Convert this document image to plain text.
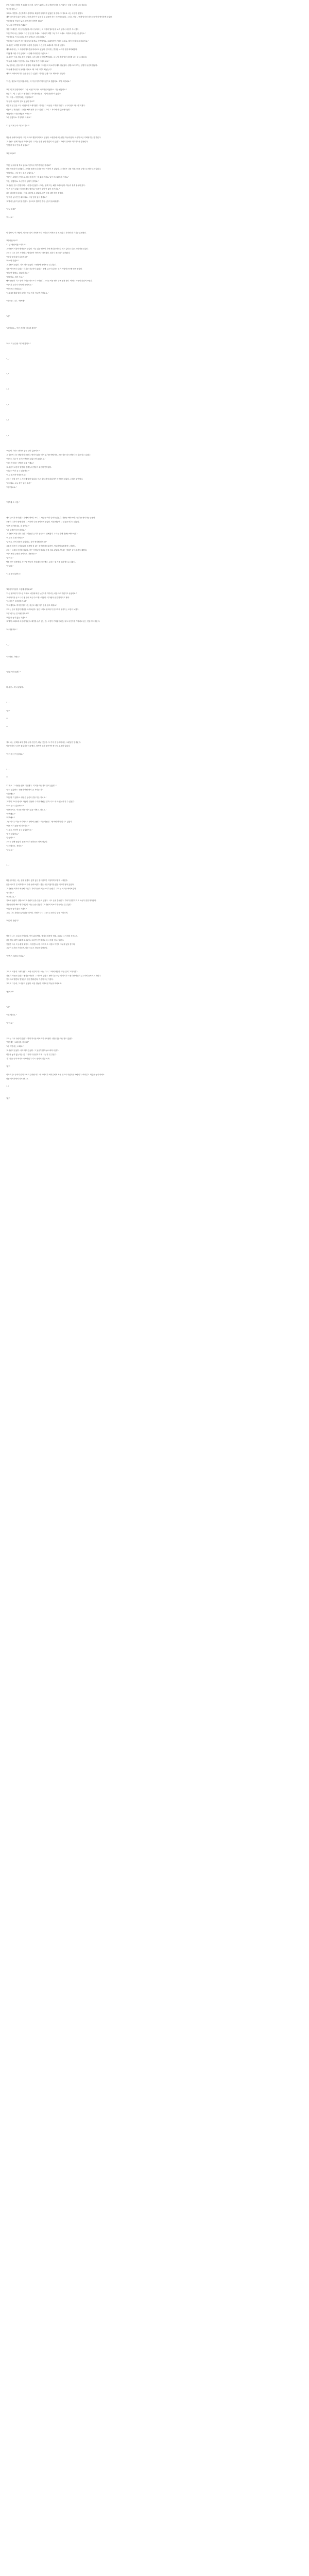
문치기처럼 거센의 목소리를 들으며 시간은 흘렀다. 제 눈꺼풀이 점점 무거워지는 것을 느끼며 눈을 감았다.
"아 이 작품..."
그래도. 이렇다. 순순하게도 생각하니 확실히 나아지지 않았던 것 같다. 그 정도로 나는 마음이 급했다.
계속 나아지지 않은 것이다. 내가 과연 이 일을 할 수 있을까 하는 의문이 들었다. 그리고 정말 나에게 남겨진 것이 무엇인지 생각하게 되었다.
"이 작품을 만들어 놓고 그냥 가면 어떻게 해요?"
"나...나 어떻게 할 건데요?"
정말 그 대답은 더 듣기 싫었다. 다시 돌아서는 그 사람의 뒷모습을 보고 있자니 마음이 무너졌다.
"지금부터 나는 절대로 그런 말 안 할 거예요. 그러니까 제발 그냥 가지 마세요. 이대로 끝나는 건 싫어요."
"저 정말로 이 일 끝내고 싶지 않아요? 그럼 되겠죠."
"이 작업이 끝나면 저는 다시 돌아올게요. 약속할게요. 그때까지만 기다려 주세요. 제가 꼭 다시 올 테니까요."
그 사람은 고개를 끄덕이며 조용히 웃었다. 그 웃음이 오래도록 기억에 남았다.
계속해서 나는 그 사람의 뒷모습을 바라보고 있었다. 멀어지는 발걸음 소리가 점점 희미해졌다.
"어떻게 이럴 수가 있어요? 나한테 이러면 안 되잖아요."
그 사람은 아무 말도 하지 않았다. 그저 나를 바라볼 뿐이었다. 그 눈빛 속에 담긴 의미를 나는 알 수 없었다.
"아무리 그래도 이건 아니에요. 정말로 이건 아니라고요."
그날 밤 나는 잠을 이루지 못했다. 머릿속에서 그 사람의 목소리가 계속 맴돌았다. 창밖으로 보이는 달빛이 유난히 밝았다.
"다음에 만나면 꼭 물어볼 거예요. 왜 그때 그렇게 떠났는지."
새벽이 되어서야 겨우 눈을 붙일 수 있었다. 하지만 금방 다시 깨어나고 말았다.
"그건, 정말로 이번 작품에서는 더 이상 이야기하지 않기로 했잖아요. 제발 그만해요."
"왜 그렇게 말씀하세요? 그럼 처음부터 다시 시작하면 되잖아요. 저는 괜찮아요."
충분히 그럴 수 있다고 생각했다. 하지만 현실은 그렇게 간단하지 않았다.
"아, 사람... 이렇게 되는 거였어요?"
"당신이 처음부터 알고 있었던 거죠?"
이렇게 된 것은 모두 내 탓이라고 생각했다. 하지만 그 사람은 고개를 저었다. 누구의 탓도 아니라고 했다.
마음이 무거워졌다. 무엇을 해야 할지 알 수 없었다. 그저 그 자리에 서 있을 뿐이었다.
"괜찮아요? 정말 괜찮은 거예요?"
"네, 괜찮아요. 걱정하지 마세요."
"그럼 이제 우리 어디로 가요?"
하늘을 올려다보았다. 구름 사이로 햇살이 비치고 있었다. 오랜만에 보는 맑은 하늘이었다. 마음이 조금 가벼워지는 것 같았다.
그 사람도 함께 하늘을 바라보았다. 우리는 한참 동안 말없이 서 있었다. 바람이 불어와 머리카락을 흩날렸다.
"언젠가 다시 만날 수 있겠죠?"
"왜 그래요?"
"이런 곳에서 뭐 하고 있어요? 혼자서 여기까지 온 거예요?"
낯선 목소리가 들려왔다. 고개를 돌려보니 처음 보는 사람이 서 있었다. 그 사람은 나를 걱정스러운 눈빛으로 바라보고 있었다.
"괜찮아요. 그냥 잠시 쉬고 있었어요."
"여기는 위험한 곳이에요. 어서 돌아가는 게 좋을 거예요. 날이 어두워지기 전에요."
"저는 괜찮아요. 조금만 더 있다가 갈게요."
그 사람은 잠시 망설이더니 내 옆에 앉았다. 우리는 함께 지는 해를 바라보았다. 하늘이 붉게 물들어 갔다.
"무슨 일이 있었는지 물어봐도 될까요? 표정이 많이 안 좋아 보여서요."
나는 대답하지 않았다. 아니, 대답할 수 없었다. 무슨 말을 해야 할지 몰랐다.
"말하기 싫으면 안 해도 돼요. 그냥 옆에 있어 줄게요."
그 말에 눈물이 날 것 같았다. 참으려고 했지만 결국 눈물이 흘러내렸다.
"바보 같죠?"
"아니요."
이 성당이, 이 사람이, 이 모든 것이 나에게 어떤 의미인지 아직은 잘 모르겠다. 하지만 한 가지는 분명했다.
"왜 나였어요?"
"그냥. 당신이었으니까요."
그 대답이 이상하게 마음에 남았다. 이유 없는 선택이 가장 확실한 선택일 때도 있다는 것을 그때 처음 알았다.
우리는 다시 걷기 시작했다. 발걸음이 아까보다 가벼웠다. 멀리서 종소리가 들려왔다.
"이 길 끝에 뭐가 있을까요?"
"가보면 알겠죠."
그 사람이 웃었다. 나도 따라 웃었다. 오랜만에 웃어보는 것 같았다.
길은 생각보다 길었다. 하지만 지루하지 않았다. 옆에 누군가 있다는 것이 이렇게 든든할 줄은 몰랐다.
"힘들면 말해요. 쉬었다 가요."
"괜찮아요. 계속 가요."
해가 완전히 지고 별이 하나둘 떠오르기 시작했다. 우리는 작은 언덕 위에 멈춰 섰다. 아래로 마을의 불빛이 보였다.
"저기가 우리가 가야 할 곳이에요."
"생각보다 가깝네요."
"그렇죠? 원래 멀어 보이는 것도 막상 가보면 가까워요."
"이 모습 그냥... 예쁘네."
"네."
"너 이래도... 이런 순간을 기다려 왔어?"
"나도 이 순간을 기다려 왔어요."
"..."
".."
".."
".."
".."
".."
"시간이 지나도 변하지 않는 것이 있을까요?"
그 질문에 나는 대답하지 못했다. 변하지 않는 것이 있기를 바랐지만, 모든 것은 결국 변한다는 것을 알고 있었다.
"적어도 지금 이 순간은 변하지 않았으면 좋겠어요."
"기억 속에서는 변하지 않을 거예요."
그 사람이 조용히 말했다. 밤하늘의 별들이 유난히 반짝였다.
"내일도 여기 올 수 있을까요?"
"오고 싶으면 언제든지요."
우리는 한참 동안 그 자리에 앉아 있었다. 아무 말도 하지 않았지만 어색하지 않았다. 오히려 편안했다.
"고마워요. 오늘 같이 있어 줘서."
"저야말로요."
"새벽에 그 사람."
새벽 공기가 차가웠다. 잠에서 깨어나 보니 그 사람은 이미 일어나 있었다. 창밖을 바라보며 무언가를 생각하는 듯했다.
조용히 다가가 옆에 섰다. 그 사람이 나를 돌아보며 웃었다. 아침 햇살이 그 얼굴을 비추고 있었다.
"일찍 일어났네요. 잘 잤어요?"
"네. 오랜만에 푹 잤어요."
그 사람이 차를 건네주었다. 따뜻한 온기가 손끝으로 전해졌다. 우리는 함께 창밖을 바라보았다.
"오늘은 뭐 할 거예요?"
"글쎄요. 아직 정하지 않았어요. 같이 생각해 볼까요?"
그렇게 하루가 시작되었다. 특별할 것 없는 평범한 하루였지만, 이상하게 특별하게 느껴졌다.
우리는 마을을 천천히 걸었다. 작은 가게들이 하나둘 문을 열고 있었다. 빵 굽는 냄새가 골목을 가득 채웠다.
"저기 빵집 유명한 곳이에요. 가볼래요?"
"좋아요."
빵집 안은 따뜻했다. 갓 구운 빵들이 진열대에 가득했다. 우리는 몇 개를 골라 밖으로 나왔다.
"맛있다."
"그럴 줄 알았어요."
"왜 가게 이름이 그렇게 특이해요?"
"주인 할머니가 지으신 거래요. 예전에 떠난 누군가를 기다리는 마음으로 지었다고 들었어요."
그 이야기를 듣고 나니 빵 맛이 조금 다르게 느껴졌다. 기다림이 담긴 맛이라고 할까.
"그 사람은 돌아왔을까요?"
"모르겠어요. 하지만 할머니는 지금도 매일 가게 문을 열고 계세요."
우리는 잠시 말없이 빵집을 바라보았다. 창문 너머로 할머니가 분주하게 움직이는 모습이 보였다.
"기다린다는 건 어떤 걸까요?"
"희망을 놓지 않는 거겠죠."
그 말이 오래도록 마음에 남았다. 희망을 놓지 않는 것. 그것이 기다림이라면, 나도 무언가를 기다리고 있는 것일지도 몰랐다.
"나 가볼게요."
"..."
"아 사장, 가세요."
"있었으면 좋겠다."
다 사랑... 하니 좋았다.
"..."
"와."
""
""
결국 나는 선택을 해야 했다. 남을 것인가, 떠날 것인가. 두 가지 길 앞에서 나는 오랫동안 망설였다.
이곳에서의 시간은 짧았지만 소중했다. 하지만 내가 돌아가야 할 곳도 분명히 있었다.
"가야 할 곳이 있어요."
"..."
""
"그래요. 그 사람은 짧게 대답했다. 더 이상 아무것도 묻지 않았다."
"알고 있었어요. 언젠가 이런 날이 올 거라는 거."
"미안해요."
"미안할 거 없어요. 당신은 당신의 길을 가는 거예요."
그 말이 고마우면서도 아팠다. 붙잡아 주기를 바랐던 걸까. 나도 내 마음을 잘 알 수 없었다.
"다시 올 수 있을까요?"
"언제든지요. 이곳은 항상 여기 있을 거예요. 나도요."
"약속해요?"
"약속해요."
그날 저녁 우리는 마지막으로 언덕에 올랐다. 처음 만났던 그날처럼 별이 빛나고 있었다.
"처음 여기 왔을 때 기억나요?"
"그럼요. 당신이 울고 있었잖아요."
"울지 않았어요."
"울었어요."
우리는 함께 웃었다. 웃음소리가 밤하늘로 퍼져 나갔다.
"고마웠어요. 정말로."
"나도요."
"..."
다음 날 아침, 나는 짐을 챙겼다. 많지 않은 짐이었지만 이상하게 무겁게 느껴졌다.
문을 나서기 전 마지막으로 방을 둘러보았다. 짧은 시간이었지만 많은 기억이 남아 있었다.
그 사람은 역까지 배웅해 주었다. 기차가 들어오는 소리가 들렸다. 우리는 서로를 바라보았다.
"잘 가요."
"또 만나요."
기차에 올랐다. 창밖으로 그 사람이 손을 흔들고 있었다. 나도 손을 흔들었다. 기차가 출발하고 그 모습이 점점 작아졌다.
창밖 풍경이 빠르게 지나갔다. 나는 눈을 감았다. 그 사람의 목소리가 들리는 것 같았다.
"희망을 놓지 않는 거겠죠."
그래, 나도 희망을 놓지 않을 것이다. 언젠가 다시 그곳으로 돌아갈 날을 기다리며.
"시간이 흘렀다."
여전히 나는 그날을 기억한다. 언덕 위의 별빛, 빵집의 따뜻한 냄새, 그리고 그 사람의 웃음소리.
가끔 힘들 때면 그때를 떠올린다. 그러면 신기하게도 다시 힘을 낼 수 있었다.
언젠가 다시 그곳에 갈 것이다. 약속했으니까. 그리고 그 사람도 여전히 그곳에 있을 것이다.
그날이 오기를 기다리며, 나는 오늘도 하루를 살아간다.
"약속은 지켜질 거예요."
그리고 마침내 그날이 왔다. 오랜 시간이 지나 나는 다시 그 역에 내렸다. 모든 것이 그대로였다.
천천히 마을을 걸었다. 빵집은 여전히 그 자리에 있었다. 할머니는 조금 더 나이가 드셨지만 여전히 분주하게 움직이고 계셨다.
언덕으로 향했다. 발걸음이 점점 빨라졌다. 가슴이 두근거렸다.
그리고 그곳에, 그 사람이 있었다. 처음 만났던 그날처럼 하늘을 바라보며.
"왔어요?"
"네."
"기다렸어요."
"알아요."
우리는 다시 나란히 앉았다. 별이 하나둘 떠오르기 시작했다. 변한 것은 아무것도 없었다.
"이번에는 오래 있을 거예요?"
"네. 이번에는 오래요."
그 사람이 웃었다. 나도 따라 웃었다. 그 웃음이 밤하늘로 퍼져 나갔다.
희망을 놓지 않는다는 것. 그것이 무엇인지 이제 나는 알 것 같았다.
기다림은 끝이 아니라 시작이었다. 다시 만나기 위한 시작.
"끝."
작가의 말: 끝까지 읽어 주셔서 감사합니다. 이 이야기가 여러분에게 작은 위로가 되었기를 바랍니다. 여러분도 희망을 놓지 마세요.
다음 이야기에서 다시 만나요.
".."
"완."
